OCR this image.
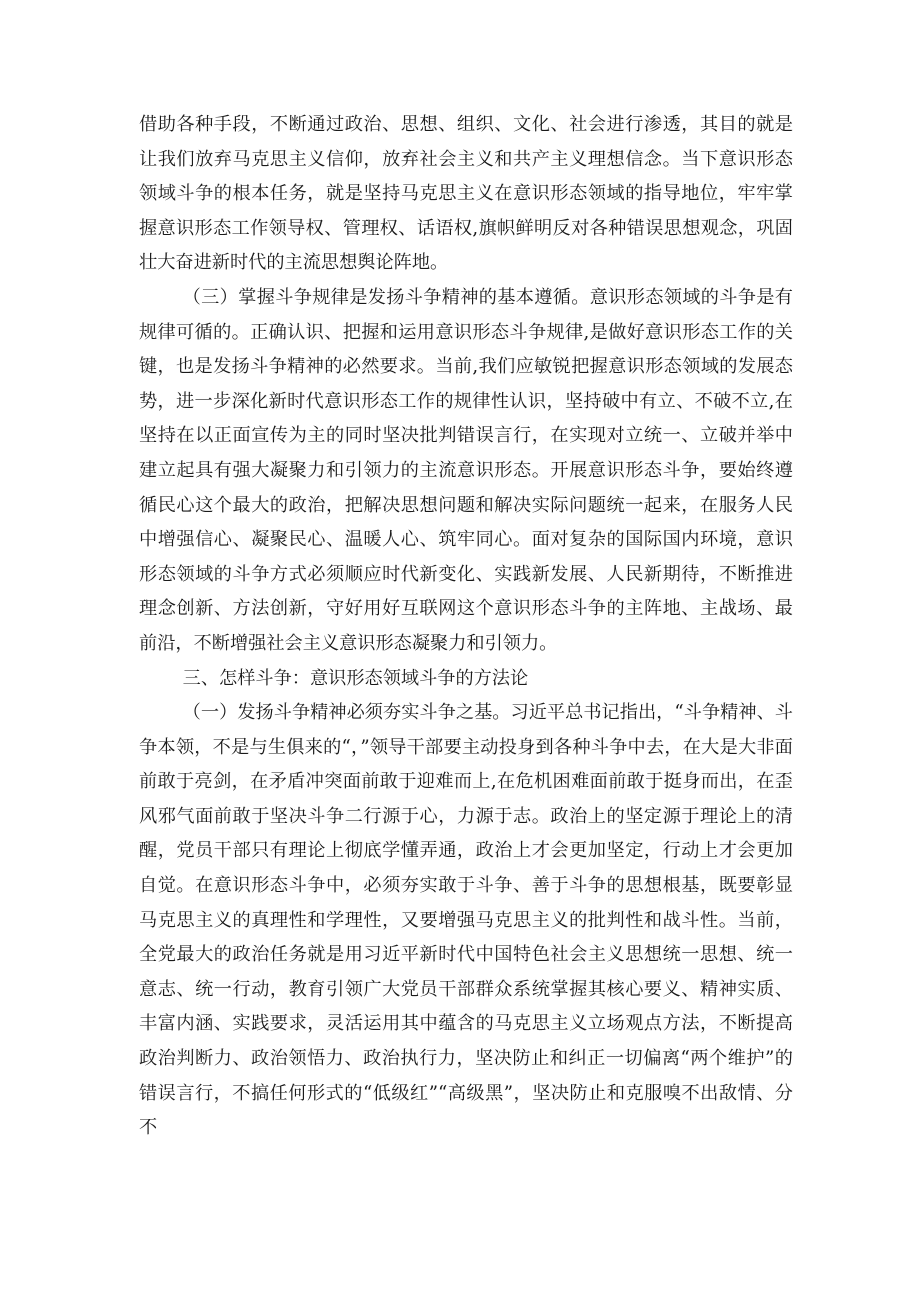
借助各种手段，不断通过政治、思想、组织、文化、社会进行渗透，其目的就是让我们放弃马克思主义信仰，放弃社会主义和共产主义理想信念。当下意识形态领域斗争的根本任务，就是坚持马克思主义在意识形态领域的指导地位，牢牢掌握意识形态工作领导权、管理权、话语权,旗帜鲜明反对各种错误思想观念，巩固壮大奋进新时代的主流思想舆论阵地。

（三）掌握斗争规律是发扬斗争精神的基本遵循。意识形态领域的斗争是有规律可循的。正确认识、把握和运用意识形态斗争规律,是做好意识形态工作的关键，也是发扬斗争精神的必然要求。当前,我们应敏锐把握意识形态领域的发展态势，进一步深化新时代意识形态工作的规律性认识，坚持破中有立、不破不立,在坚持在以正面宣传为主的同时坚决批判错误言行，在实现对立统一、立破并举中建立起具有强大凝聚力和引领力的主流意识形态。开展意识形态斗争，要始终遵循民心这个最大的政治，把解决思想问题和解决实际问题统一起来，在服务人民中增强信心、凝聚民心、温暖人心、筑牢同心。面对复杂的国际国内环境，意识形态领域的斗争方式必须顺应时代新变化、实践新发展、人民新期待，不断推进理念创新、方法创新，守好用好互联网这个意识形态斗争的主阵地、主战场、最前沿，不断增强社会主义意识形态凝聚力和引领力。

三、怎样斗争：意识形态领域斗争的方法论

（一）发扬斗争精神必须夯实斗争之基。习近平总书记指出，“斗争精神、斗争本领，不是与生俱来的“，”领导干部要主动投身到各种斗争中去，在大是大非面前敢于亮剑，在矛盾冲突面前敢于迎难而上,在危机困难面前敢于挺身而出，在歪风邪气面前敢于坚决斗争二行源于心，力源于志。政治上的坚定源于理论上的清醒，党员干部只有理论上彻底学懂弄通，政治上才会更加坚定，行动上才会更加自觉。在意识形态斗争中，必须夯实敢于斗争、善于斗争的思想根基，既要彰显马克思主义的真理性和学理性，又要增强马克思主义的批判性和战斗性。当前，全党最大的政治任务就是用习近平新时代中国特色社会主义思想统一思想、统一意志、统一行动，教育引领广大党员干部群众系统掌握其核心要义、精神实质、丰富内涵、实践要求，灵活运用其中蕴含的马克思主义立场观点方法，不断提高政治判断力、政治领悟力、政治执行力，坚决防止和纠正一切偏离“两个维护”的错误言行，不搞任何形式的“低级红”“高级黑”，坚决防止和克服嗅不出敌情、分不
